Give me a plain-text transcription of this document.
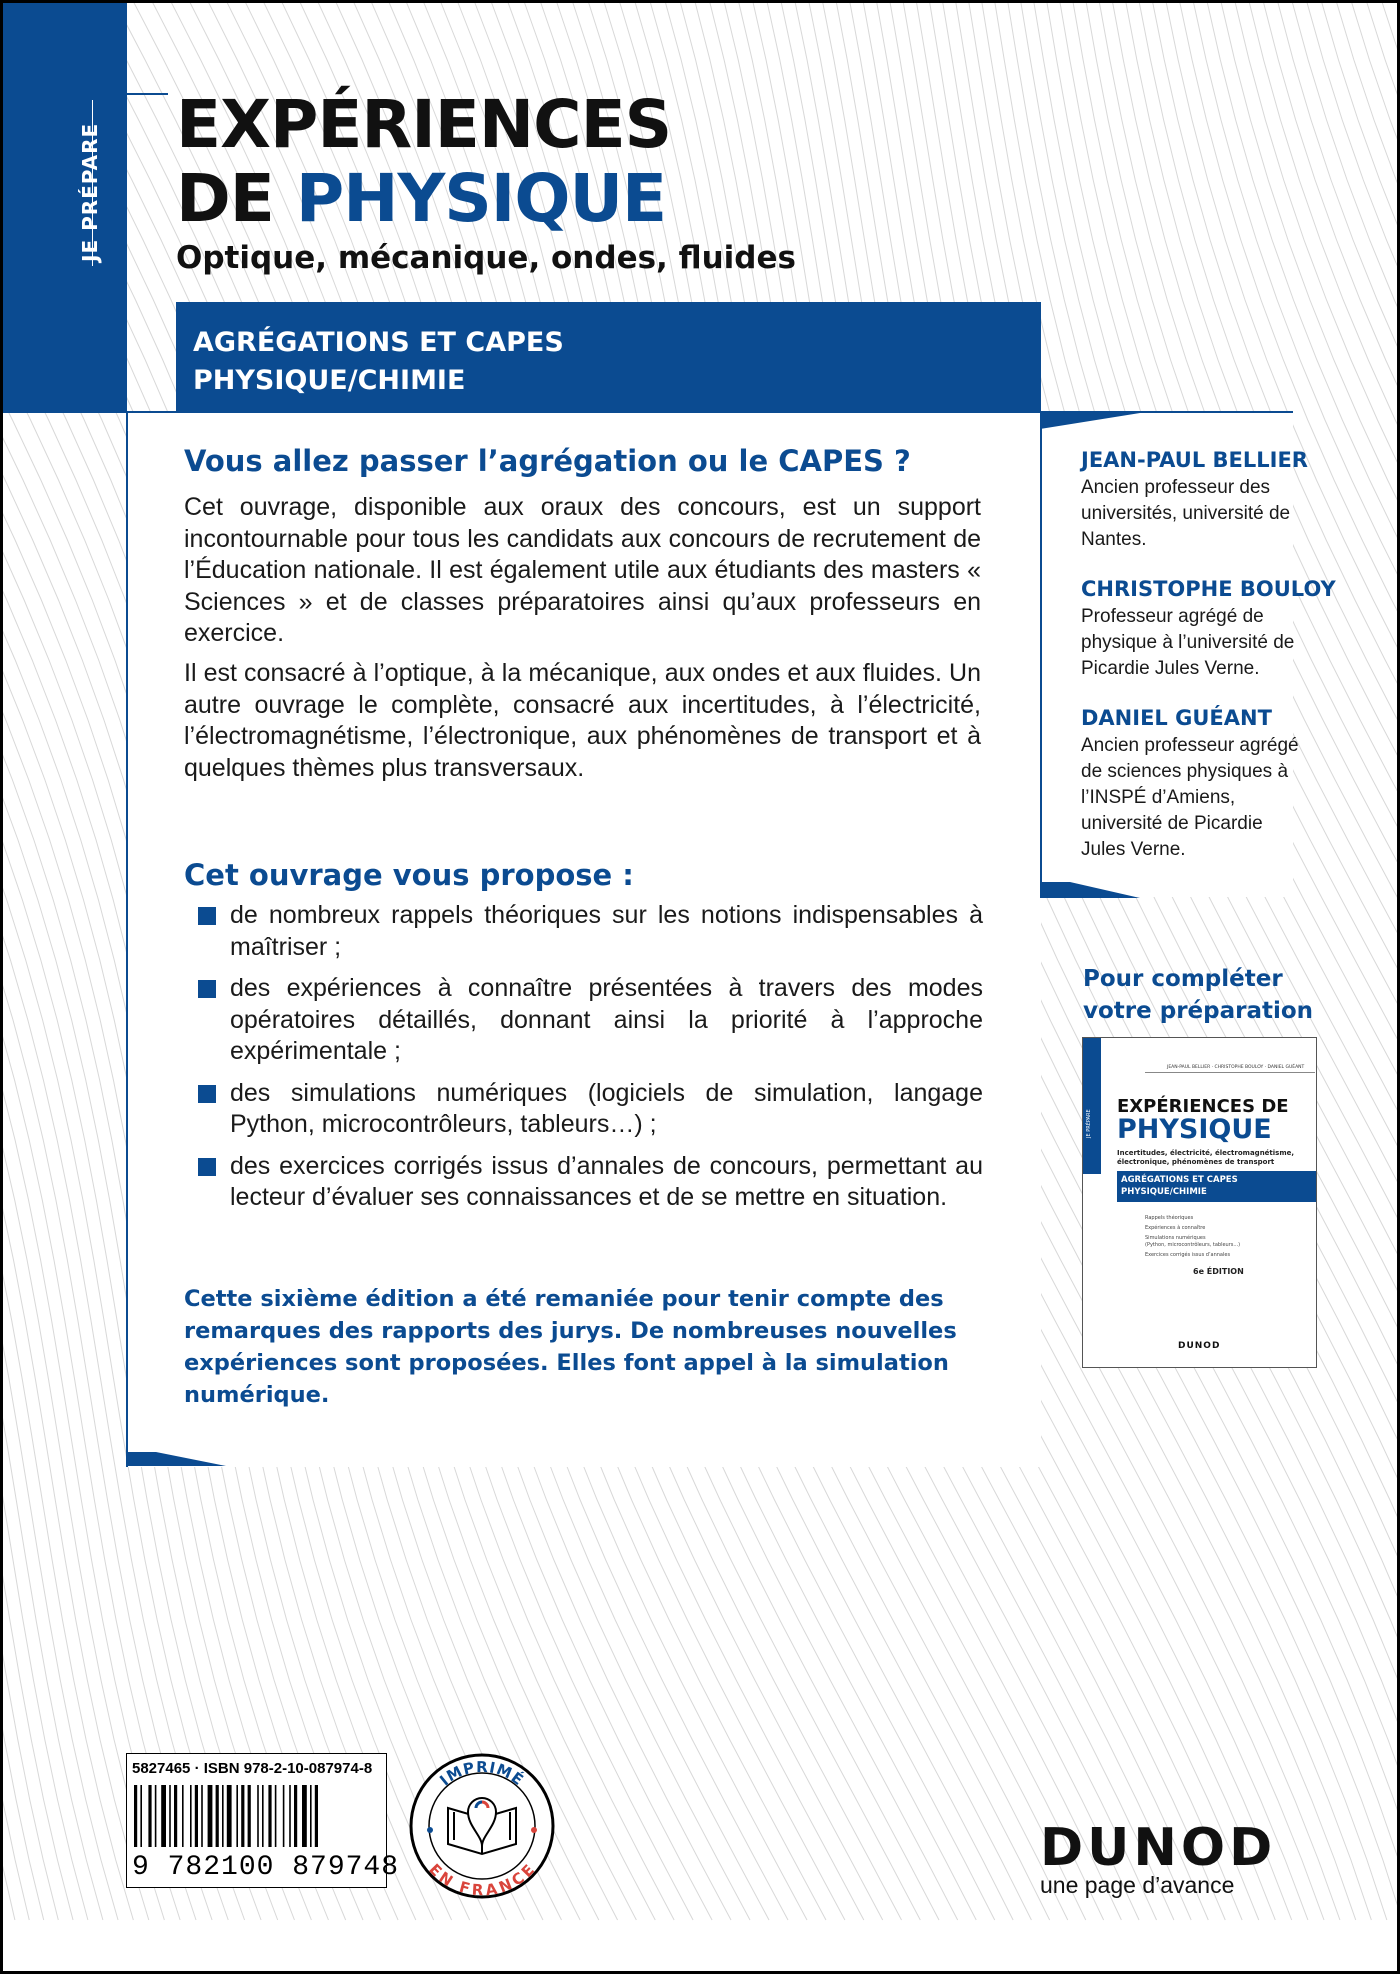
JE PRÉPARE EXPÉRIENCES
DE PHYSIQUE
Optique, mécanique, ondes, fluides
AGRÉGATIONS ET CAPES
PHYSIQUE/CHIMIE
Vous allez passer l’agrégation ou le CAPES ?

Cet ouvrage, disponible aux oraux des concours, est un support incontournable pour tous les candidats aux concours de recrutement de l’Éducation nationale. Il est également utile aux étudiants des masters « Sciences » et de classes préparatoires ainsi qu’aux professeurs en exercice.

Il est consacré à l’optique, à la mécanique, aux ondes et aux fluides. Un autre ouvrage le complète, consacré aux incertitudes, à l’électricité, l’électromagnétisme, l’électronique, aux phénomènes de transport et à quelques thèmes plus transversaux.

Cet ouvrage vous propose :
de nombreux rappels théoriques sur les notions indispensables à maîtriser ;
des expériences à connaître présentées à travers des modes opératoires détaillés, donnant ainsi la priorité à l’approche expérimentale ;
des simulations numériques (logiciels de simulation, langage Python, microcontrôleurs, tableurs…) ;
des exercices corrigés issus d’annales de concours, permettant au lecteur d’évaluer ses connaissances et de se mettre en situation.

Cette sixième édition a été remaniée pour tenir compte des remarques des rapports des jurys. De nombreuses nouvelles expériences sont proposées. Elles font appel à la simulation numérique.

JEAN-PAUL BELLIER
Ancien professeur des universités, université de Nantes.
CHRISTOPHE BOULOY
Professeur agrégé de physique à l’université de Picardie Jules Verne.
DANIEL GUÉANT
Ancien professeur agrégé de sciences physiques à l’INSPÉ d’Amiens, université de Picardie Jules Verne.
Pour compléter
votre préparation
JEAN-PAUL BELLIER · CHRISTOPHE BOULOY · DANIEL GUÉANT
JE PRÉPARE
EXPÉRIENCES DE
PHYSIQUE
Incertitudes, électricité, électromagnétisme,
électronique, phénomènes de transport
AGRÉGATIONS ET CAPES
PHYSIQUE/CHIMIE
Rappels théoriques
Expériences à connaître
Simulations numériques
(Python, microcontrôleurs, tableurs...)
Exercices corrigés issus d’annales
6e ÉDITION
DUNOD
5827465 · ISBN 978-2-10-087974-8
9 782100 879748
IMPRIMÉ
EN FRANCE	DUNOD
une page d’avance
